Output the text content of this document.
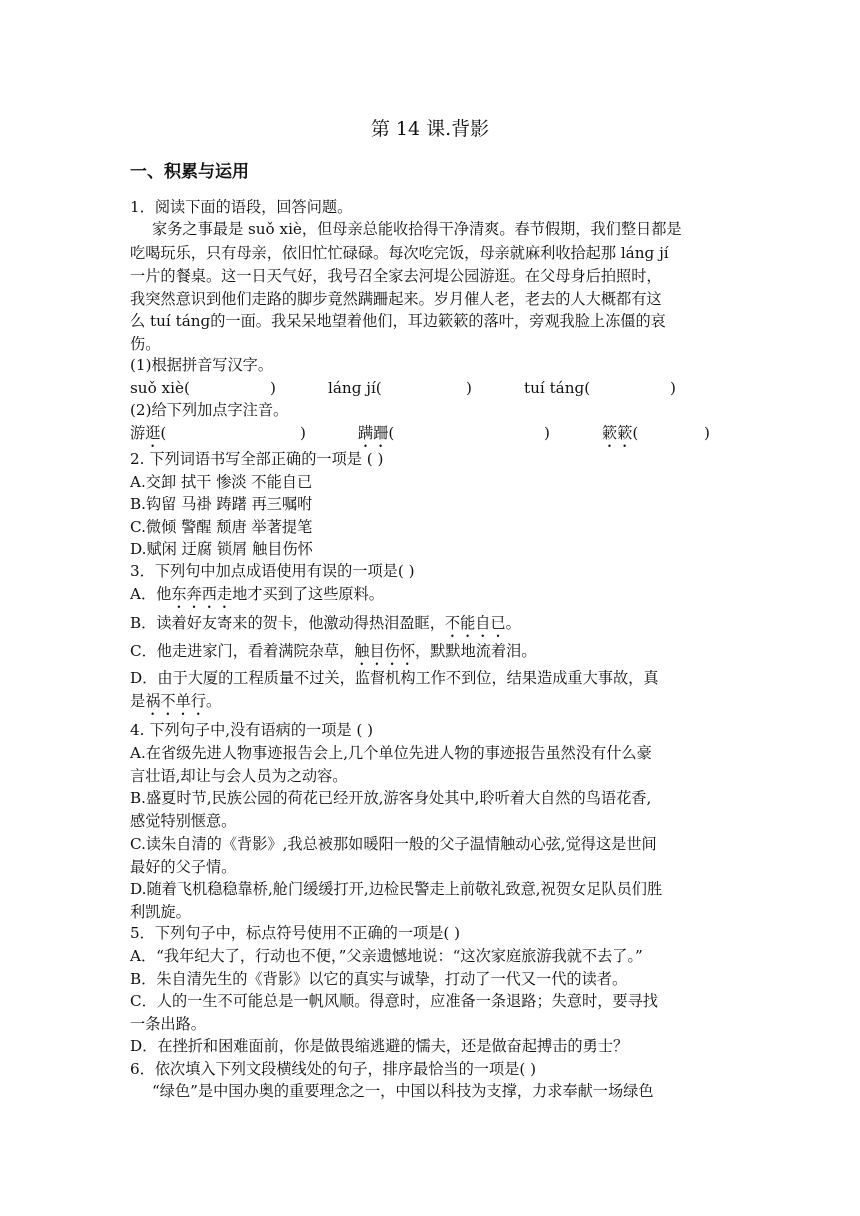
第 14 课.背影
一、积累与运用
1．阅读下面的语段，回答问题。
家务之事最是 suǒ xiè，但母亲总能收拾得干净清爽。春节假期，我们整日都是
吃喝玩乐，只有母亲，依旧忙忙碌碌。每次吃完饭，母亲就麻利收拾起那 lánɡ jí
一片的餐桌。这一日天气好，我号召全家去河堤公园游逛。在父母身后拍照时，
我突然意识到他们走路的脚步竟然蹒跚起来。岁月催人老，老去的人大概都有这
么 tuí tánɡ的一面。我呆呆地望着他们，耳边簌簌的落叶，旁观我脸上冻僵的哀
伤。
(1)根据拼音写汉字。
suǒ xiè(	)	lánɡ jí(	)	tuí tánɡ(	)
(2)给下列加点字注音。
游逛(	)	蹒跚(	)	簌簌(	)
2. 下列词语书写全部正确的一项是 ( )
A.交卸 拭干 惨淡 不能自已
B.钩留 马褂 踌躇 再三嘱咐
C.微倾 警醒 颓唐 举著提笔
D.赋闲 迂腐 锁屑 触目伤怀
3．下列句中加点成语使用有误的一项是( )
A．他东奔西走地才买到了这些原料。
B．读着好友寄来的贺卡，他激动得热泪盈眶，不能自已。
C．他走进家门，看着满院杂草，触目伤怀，默默地流着泪。
D．由于大厦的工程质量不过关，监督机构工作不到位，结果造成重大事故，真
是祸不单行。
4. 下列句子中,没有语病的一项是 ( )
A.在省级先进人物事迹报告会上,几个单位先进人物的事迹报告虽然没有什么豪
言壮语,却让与会人员为之动容。
B.盛夏时节,民族公园的荷花已经开放,游客身处其中,聆听着大自然的鸟语花香,
感觉特别惬意。
C.读朱自清的《背影》,我总被那如暖阳一般的父子温情触动心弦,觉得这是世间
最好的父子情。
D.随着飞机稳稳靠桥,舱门缓缓打开,边检民警走上前敬礼致意,祝贺女足队员们胜
利凯旋。
5．下列句子中，标点符号使用不正确的一项是( )
A．“我年纪大了，行动也不便，”父亲遗憾地说：“这次家庭旅游我就不去了。”
B．朱自清先生的《背影》以它的真实与诚挚，打动了一代又一代的读者。
C．人的一生不可能总是一帆风顺。得意时，应准备一条退路；失意时，要寻找
一条出路。
D．在挫折和困难面前，你是做畏缩逃避的懦夫，还是做奋起搏击的勇士？
6．依次填入下列文段横线处的句子，排序最恰当的一项是( )
“绿色”是中国办奥的重要理念之一，中国以科技为支撑，力求奉献一场绿色
